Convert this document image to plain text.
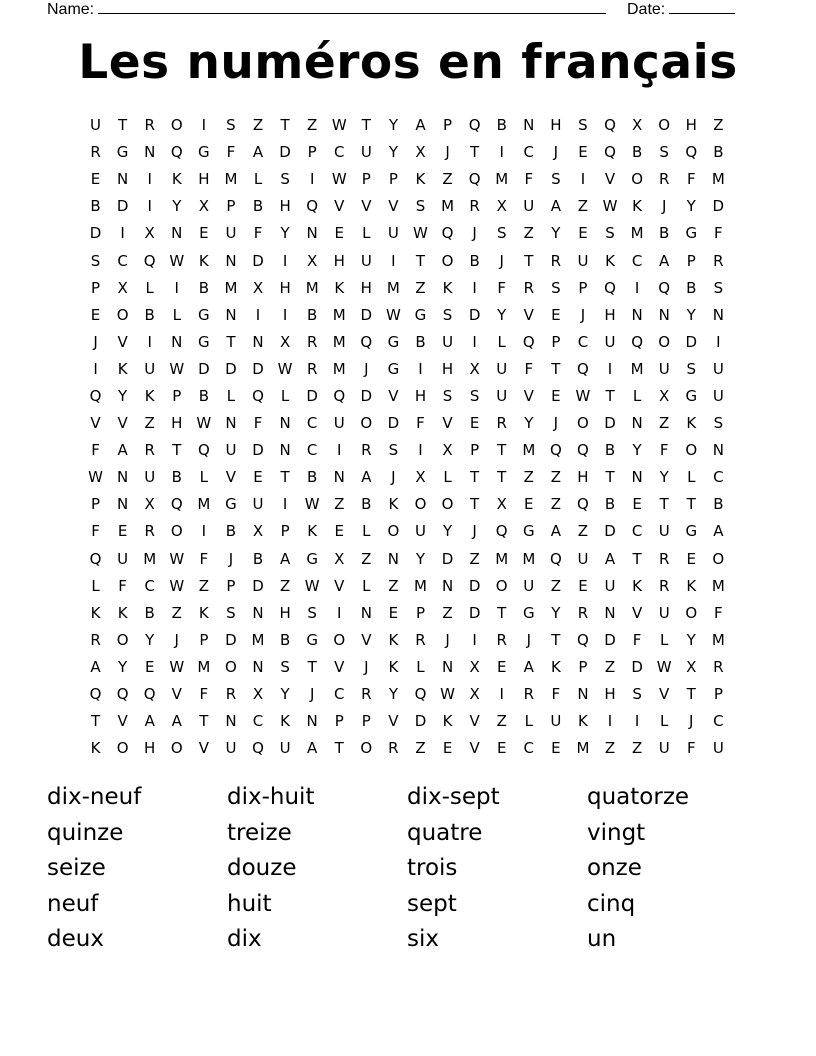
Name:	Date:
Les numéros en français
U	T	R	O	I	S	Z	T	Z W	T	Y	A	P	Q	B	N	H	S	Q	X	O	H	Z
R	G	N	Q	G	F	A	D	P	C	U	Y	X	J	T	I	C	J	E	Q	B	S	Q	B
E	N	I	K	H M	L	S	I	W	P	P	K	Z	Q M	F	S	I	V	O	R	F	M
B	D	I	Y	X	P	B	H	Q	V	V	V	S	M	R	X	U	A	Z W K	J	Y	D
D	I	X	N	E	U	F	Y	N	E	L	U W Q	J	S	Z	Y	E	S	M	B	G	F
S	C	Q W K	N	D	I	X	H	U	I	T	O	B	J	T	R	U	K	C	A	P	R
P	X	L	I	B	M	X	H M	K	H M	Z	K	I	F	R	S	P	Q	I	Q	B	S
E	O	B	L	G	N	I	I	B	M D W G	S	D	Y	V	E	J	H	N	N	Y	N
J	V	I	N	G	T	N	X	R	M Q	G	B	U	I	L	Q	P	C	U	Q	O	D	I
I	K	U W D	D	D W R	M	J	G	I	H	X	U	F	T	Q	I	M	U	S	U
Q	Y	K	P	B	L	Q	L	D	Q	D	V	H	S	S	U	V	E W	T	L	X	G	U
V	V	Z	H W N	F	N	C	U	O	D	F	V	E	R	Y	J	O	D	N	Z	K	S
F	A	R	T	Q	U	D	N	C	I	R	S	I	X	P	T	M Q	Q	B	Y	F	O	N
W N	U	B	L	V	E	T	B	N	A	J	X	L	T	T	Z	Z	H	T	N	Y	L	C
P	N	X	Q M G	U	I	W Z	B	K	O	O	T	X	E	Z	Q	B	E	T	T	B
F	E	R	O	I	B	X	P	K	E	L	O	U	Y	J	Q	G	A	Z	D	C	U	G	A
Q	U	M W	F	J	B	A	G	X	Z	N	Y	D	Z	M M Q	U	A	T	R	E	O
L	F	C W Z	P	D	Z W V	L	Z	M N	D	O	U	Z	E	U	K	R	K	M
K	K	B	Z	K	S	N	H	S	I	N	E	P	Z	D	T	G	Y	R	N	V	U	O	F
R	O	Y	J	P	D M	B	G	O	V	K	R	J	I	R	J	T	Q	D	F	L	Y	M
A	Y	E W M O	N	S	T	V	J	K	L	N	X	E	A	K	P	Z	D W X	R
Q	Q	Q	V	F	R	X	Y	J	C	R	Y	Q W X	I	R	F	N	H	S	V	T	P
T	V	A	A	T	N	C	K	N	P	P	V	D	K	V	Z	L	U	K	I	I	L	J	C
K	O	H	O	V	U	Q	U	A	T	O	R	Z	E	V	E	C	E	M	Z	Z	U	F	U
dix-neuf	dix-huit	dix-sept	quatorze
quinze	treize	quatre	vingt
seize	douze	trois	onze
neuf	huit	sept	cinq
deux	dix	six	un
